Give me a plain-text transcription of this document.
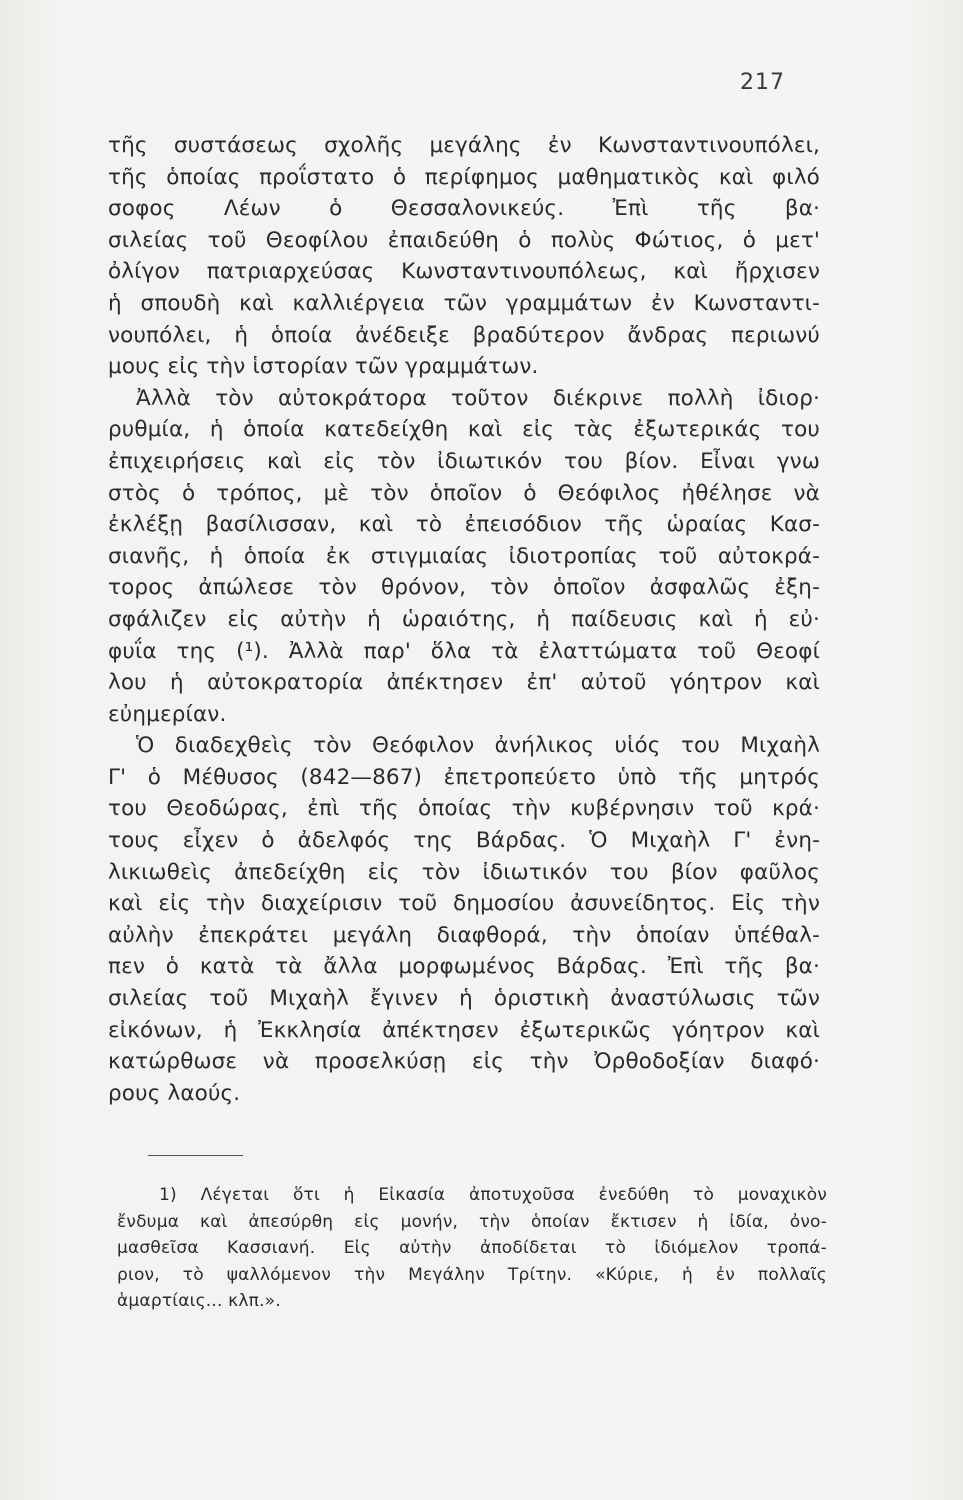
217
τῆς συστάσεως σχολῆς μεγάλης ἐν Κωνσταντινουπόλει,
τῆς ὁποίας προΐστατο ὁ περίφημος μαθηματικὸς καὶ φιλό
σοφος Λέων ὁ Θεσσαλονικεύς. Ἐπὶ τῆς βα·
σιλείας τοῦ Θεοφίλου ἐπαιδεύθη ὁ πολὺς Φώτιος, ὁ μετ'
ὀλίγον πατριαρχεύσας Κωνσταντινουπόλεως, καὶ ἤρχισεν
ἡ σπουδὴ καὶ καλλιέργεια τῶν γραμμάτων ἐν Κωνσταντι-
νουπόλει, ἡ ὁποία ἀνέδειξε βραδύτερον ἄνδρας περιωνύ
μους εἰς τὴν ἱστορίαν τῶν γραμμάτων.
Ἀλλὰ τὸν αὐτοκράτορα τοῦτον διέκρινε πολλὴ ἰδιορ·
ρυθμία, ἡ ὁποία κατεδείχθη καὶ εἰς τὰς ἐξωτερικάς του
ἐπιχειρήσεις καὶ εἰς τὸν ἰδιωτικόν του βίον. Εἶναι γνω
στὸς ὁ τρόπος, μὲ τὸν ὁποῖον ὁ Θεόφιλος ἠθέλησε νὰ
ἐκλέξῃ βασίλισσαν, καὶ τὸ ἐπεισόδιον τῆς ὡραίας Κασ-
σιανῆς, ἡ ὁποία ἐκ στιγμιαίας ἰδιοτροπίας τοῦ αὐτοκρά-
τορος ἀπώλεσε τὸν θρόνον, τὸν ὁποῖον ἀσφαλῶς ἐξη-
σφάλιζεν εἰς αὐτὴν ἡ ὡραιότης, ἡ παίδευσις καὶ ἡ εὐ·
φυΐα της (¹). Ἀλλὰ παρ' ὅλα τὰ ἐλαττώματα τοῦ Θεοφί
λου ἡ αὐτοκρατορία ἀπέκτησεν ἐπ' αὐτοῦ γόητρον καὶ
εὐημερίαν.
Ὁ διαδεχθεὶς τὸν Θεόφιλον ἀνήλικος υἱός του Μιχαὴλ
Γ' ὁ Μέθυσος (842—867) ἐπετροπεύετο ὑπὸ τῆς μητρός
του Θεοδώρας, ἐπὶ τῆς ὁποίας τὴν κυβέρνησιν τοῦ κρά·
τους εἶχεν ὁ ἀδελφός της Βάρδας. Ὁ Μιχαὴλ Γ' ἐνη-
λικιωθεὶς ἀπεδείχθη εἰς τὸν ἰδιωτικόν του βίον φαῦλος
καὶ εἰς τὴν διαχείρισιν τοῦ δημοσίου ἀσυνείδητος. Εἰς τὴν
αὐλὴν ἐπεκράτει μεγάλη διαφθορά, τὴν ὁποίαν ὑπέθαλ-
πεν ὁ κατὰ τὰ ἄλλα μορφωμένος Βάρδας. Ἐπὶ τῆς βα·
σιλείας τοῦ Μιχαὴλ ἔγινεν ἡ ὁριστικὴ ἀναστύλωσις τῶν
εἰκόνων, ἡ Ἐκκλησία ἀπέκτησεν ἐξωτερικῶς γόητρον καὶ
κατώρθωσε νὰ προσελκύσῃ εἰς τὴν Ὀρθοδοξίαν διαφό·
ρους λαούς.
1) Λέγεται ὅτι ἡ Εἰκασία ἀποτυχοῦσα ἐνεδύθη τὸ μοναχικὸν
ἔνδυμα καὶ ἀπεσύρθη εἰς μονήν, τὴν ὁποίαν ἔκτισεν ἡ ἰδία, ὀνο-
μασθεῖσα Κασσιανή. Εἰς αὐτὴν ἀποδίδεται τὸ ἰδιόμελον τροπά-
ριον, τὸ ψαλλόμενον τὴν Μεγάλην Τρίτην. «Κύριε, ἡ ἐν πολλαῖς
ἁμαρτίαις... κλπ.».
